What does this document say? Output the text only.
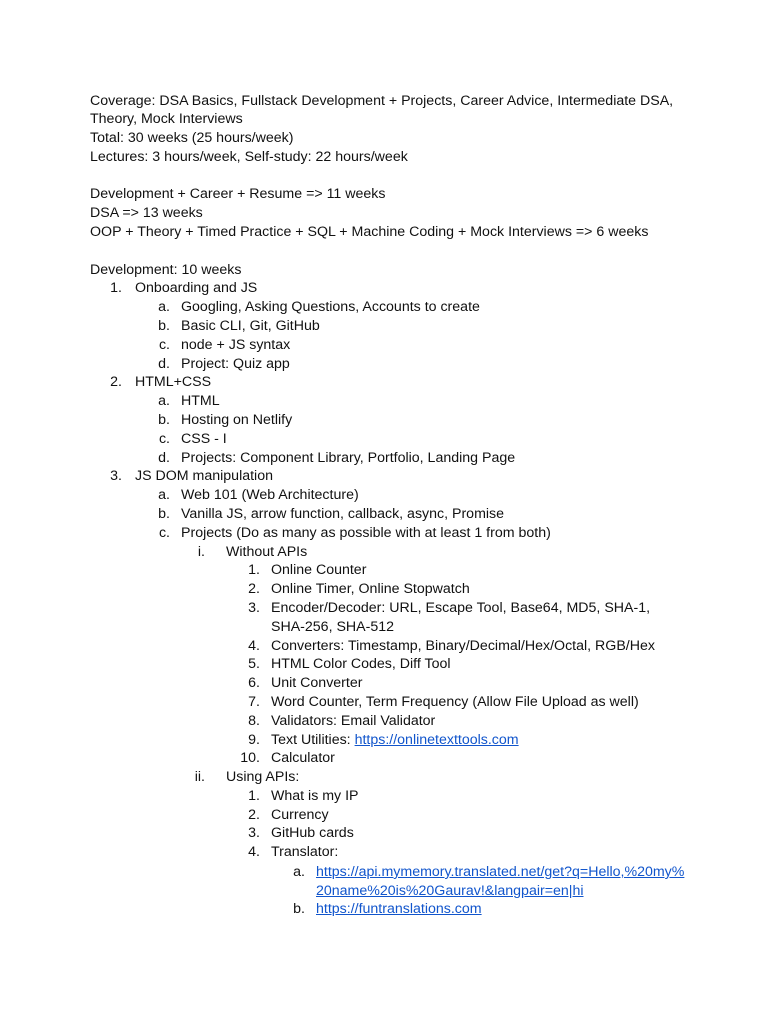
Coverage: DSA Basics, Fullstack Development + Projects, Career Advice, Intermediate DSA,
Theory, Mock Interviews
Total: 30 weeks (25 hours/week)
Lectures: 3 hours/week, Self-study: 22 hours/week
Development + Career + Resume => 11 weeks
DSA => 13 weeks
OOP + Theory + Timed Practice + SQL + Machine Coding + Mock Interviews => 6 weeks
Development: 10 weeks
1. Onboarding and JS
a. Googling, Asking Questions, Accounts to create
b. Basic CLI, Git, GitHub
c. node + JS syntax
d. Project: Quiz app
2. HTML+CSS
a. HTML
b. Hosting on Netlify
c. CSS - I
d. Projects: Component Library, Portfolio, Landing Page
3. JS DOM manipulation
a. Web 101 (Web Architecture)
b. Vanilla JS, arrow function, callback, async, Promise
c. Projects (Do as many as possible with at least 1 from both)
i. Without APIs
1. Online Counter
2. Online Timer, Online Stopwatch
3. Encoder/Decoder: URL, Escape Tool, Base64, MD5, SHA-1,
SHA-256, SHA-512
4. Converters: Timestamp, Binary/Decimal/Hex/Octal, RGB/Hex
5. HTML Color Codes, Diff Tool
6. Unit Converter
7. Word Counter, Term Frequency (Allow File Upload as well)
8. Validators: Email Validator
9. Text Utilities: https://onlinetexttools.com
10. Calculator
ii. Using APIs:
1. What is my IP
2. Currency
3. GitHub cards
4. Translator:
a. https://api.mymemory.translated.net/get?q=Hello,%20my%
20name%20is%20Gaurav!&langpair=en|hi
b. https://funtranslations.com
